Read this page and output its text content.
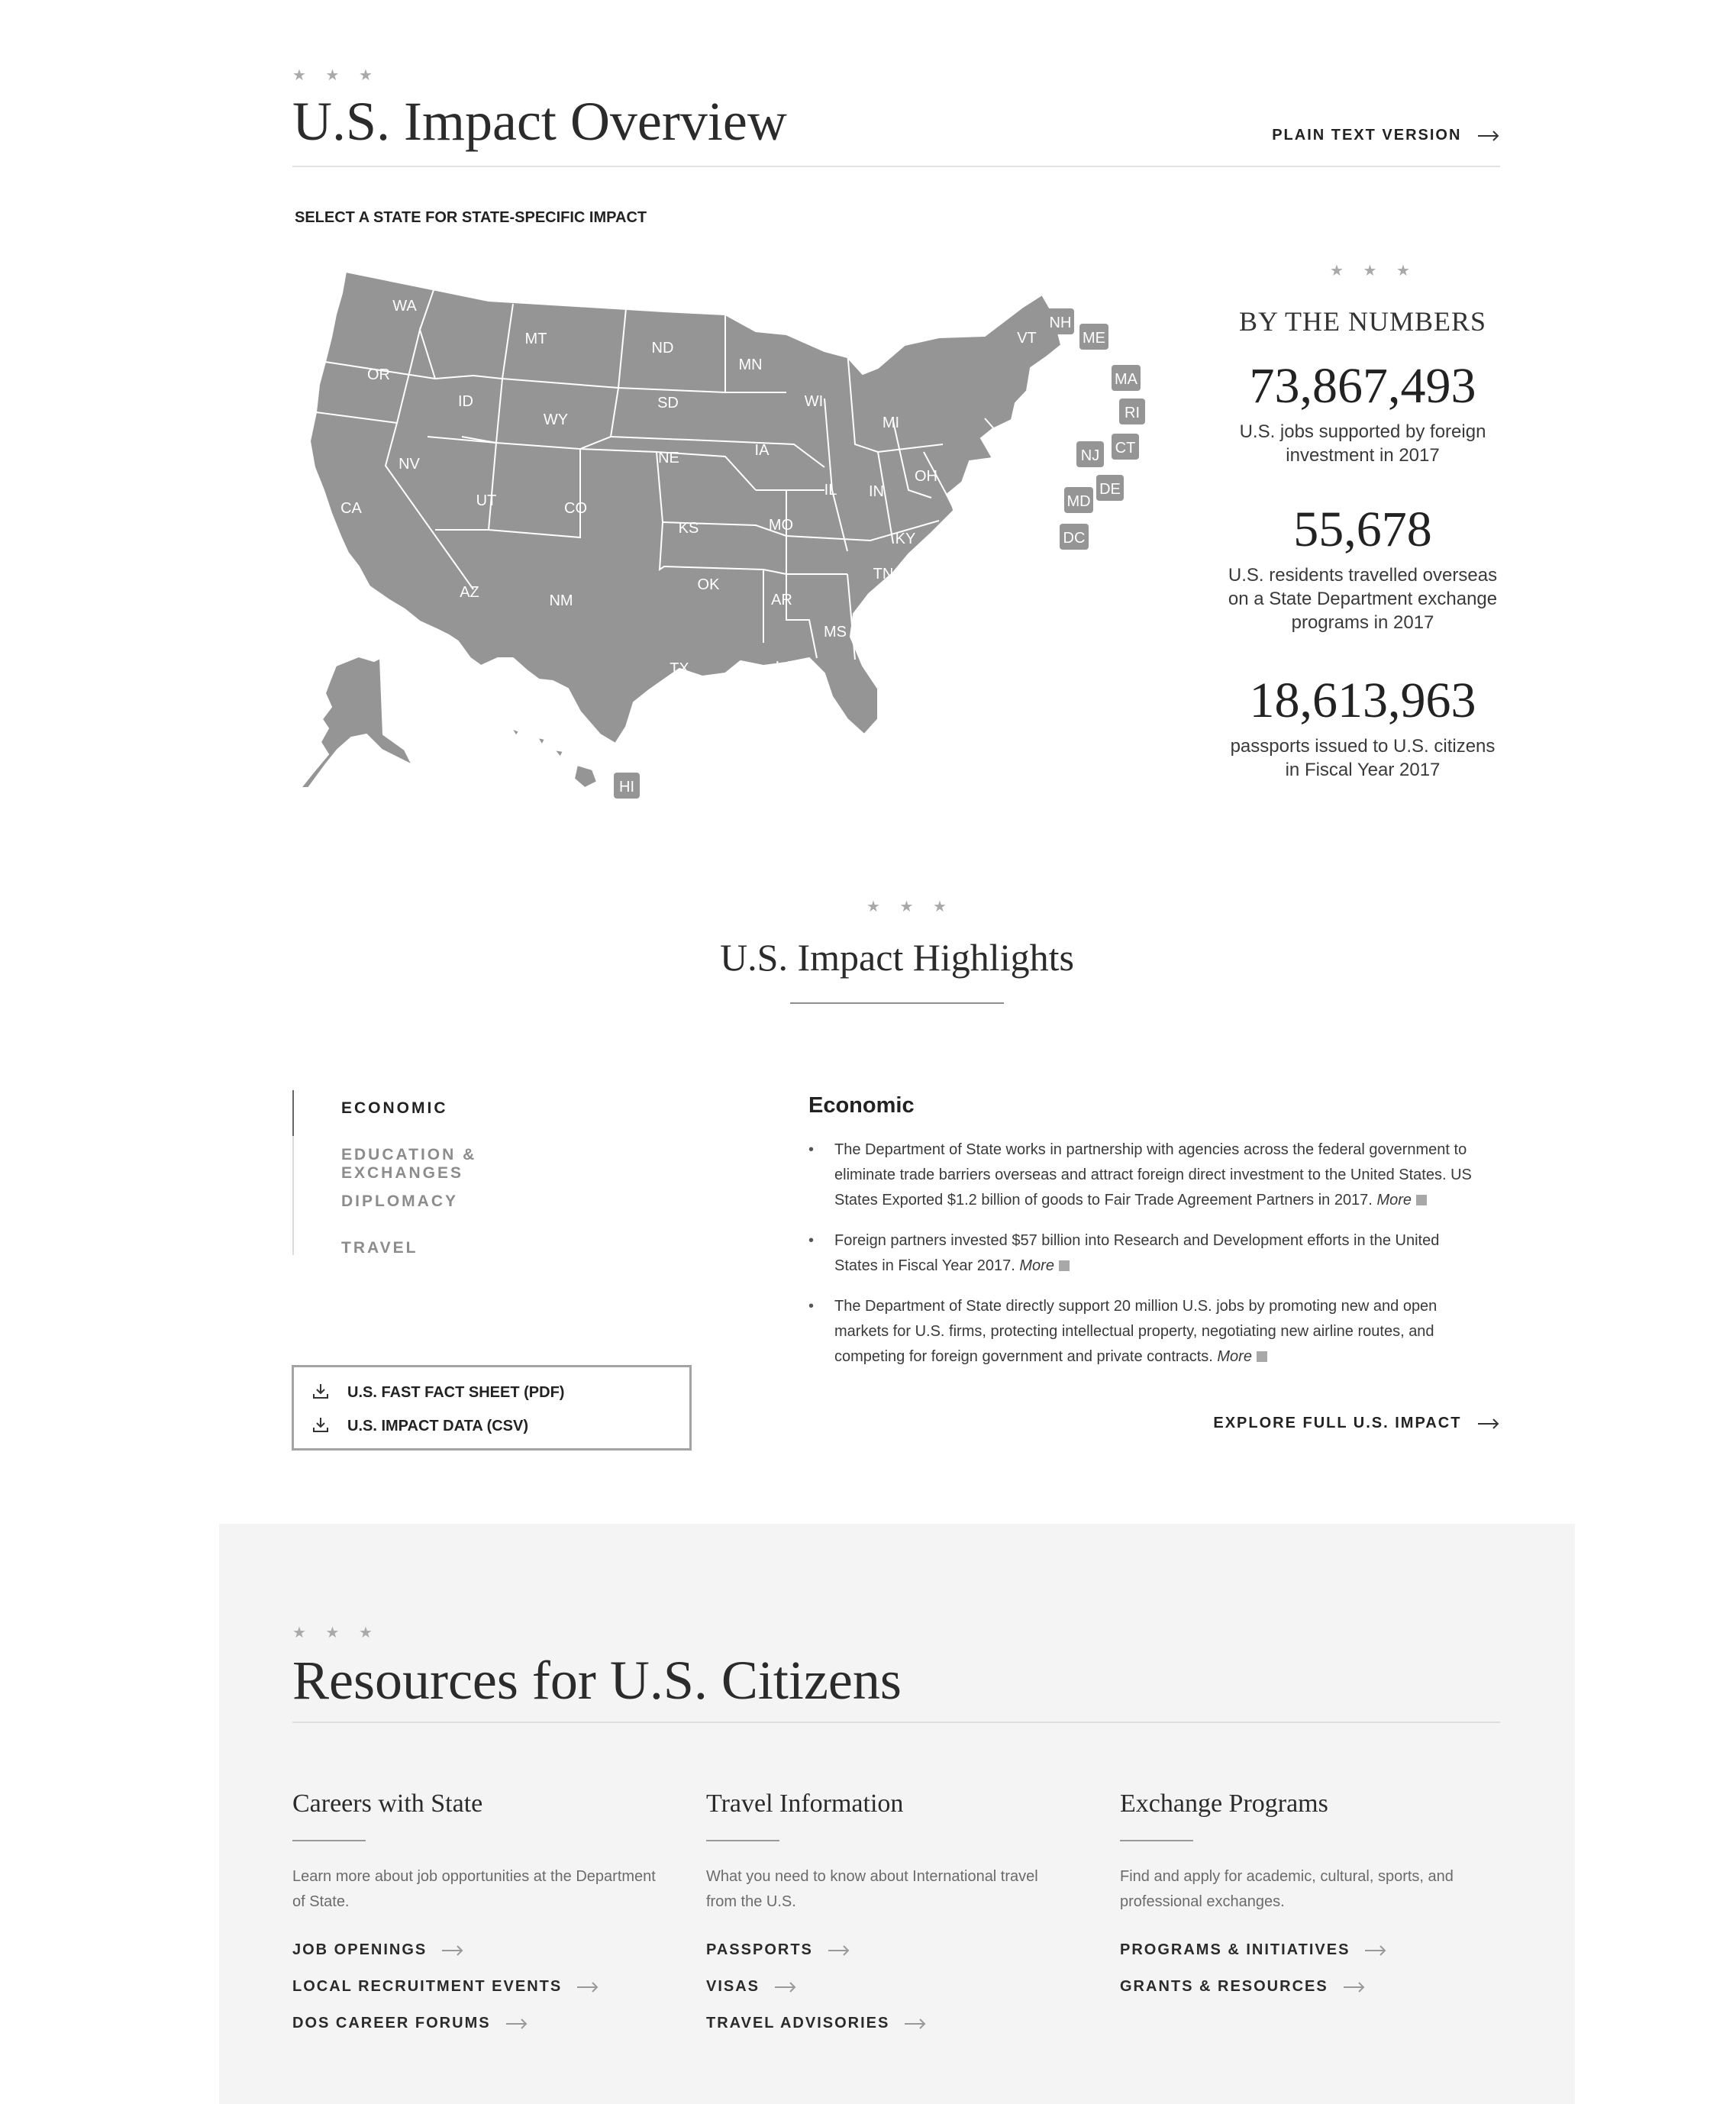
★ ★ ★
U.S. Impact Overview	PLAIN TEXT VERSION
SELECT A STATE FOR STATE-SPECIFIC IMPACT
WA
OR
CA
ID
NV
MT
WY
UT
AZ
CO
NM
ND
SD
NE
KS
OK
TX
MN
IA
MO
AR
LA
WI
IL
MS
MI
IN
KY
TN
AL
OH
WV
VA
NC
SC
GA
FL
PA
NY
AK
VT
NH
ME
MA
RI
CT
NJ
DE
MD
DC
HI
★ ★ ★
BY THE NUMBERS
73,867,493
U.S. jobs supported by foreign
investment in 2017
55,678
U.S. residents travelled overseas
on a State Department exchange
programs in 2017
18,613,963
passports issued to U.S. citizens
in Fiscal Year 2017
★ ★ ★
U.S. Impact Highlights
ECONOMIC
EDUCATION & EXCHANGES
DIPLOMACY
TRAVEL
Economic
• The Department of State works in partnership with agencies across the federal government to
eliminate trade barriers overseas and attract foreign direct investment to the United States. US
States Exported $1.2 billion of goods to Fair Trade Agreement Partners in 2017. More
• Foreign partners invested $57 billion into Research and Development efforts in the United
States in Fiscal Year 2017. More
• The Department of State directly support 20 million U.S. jobs by promoting new and open
markets for U.S. firms, protecting intellectual property, negotiating new airline routes, and
competing for foreign government and private contracts. More
U.S. FAST FACT SHEET (PDF)
U.S. IMPACT DATA (CSV)	EXPLORE FULL U.S. IMPACT
★ ★ ★
Resources for U.S. Citizens
Careers with State

Learn more about job opportunities at the Department
of State.

JOB OPENINGS
LOCAL RECRUITMENT EVENTS
DOS CAREER FORUMS
Travel Information

What you need to know about International travel
from the U.S.

PASSPORTS
VISAS
TRAVEL ADVISORIES
Exchange Programs

Find and apply for academic, cultural, sports, and
professional exchanges.

PROGRAMS & INITIATIVES
GRANTS & RESOURCES
